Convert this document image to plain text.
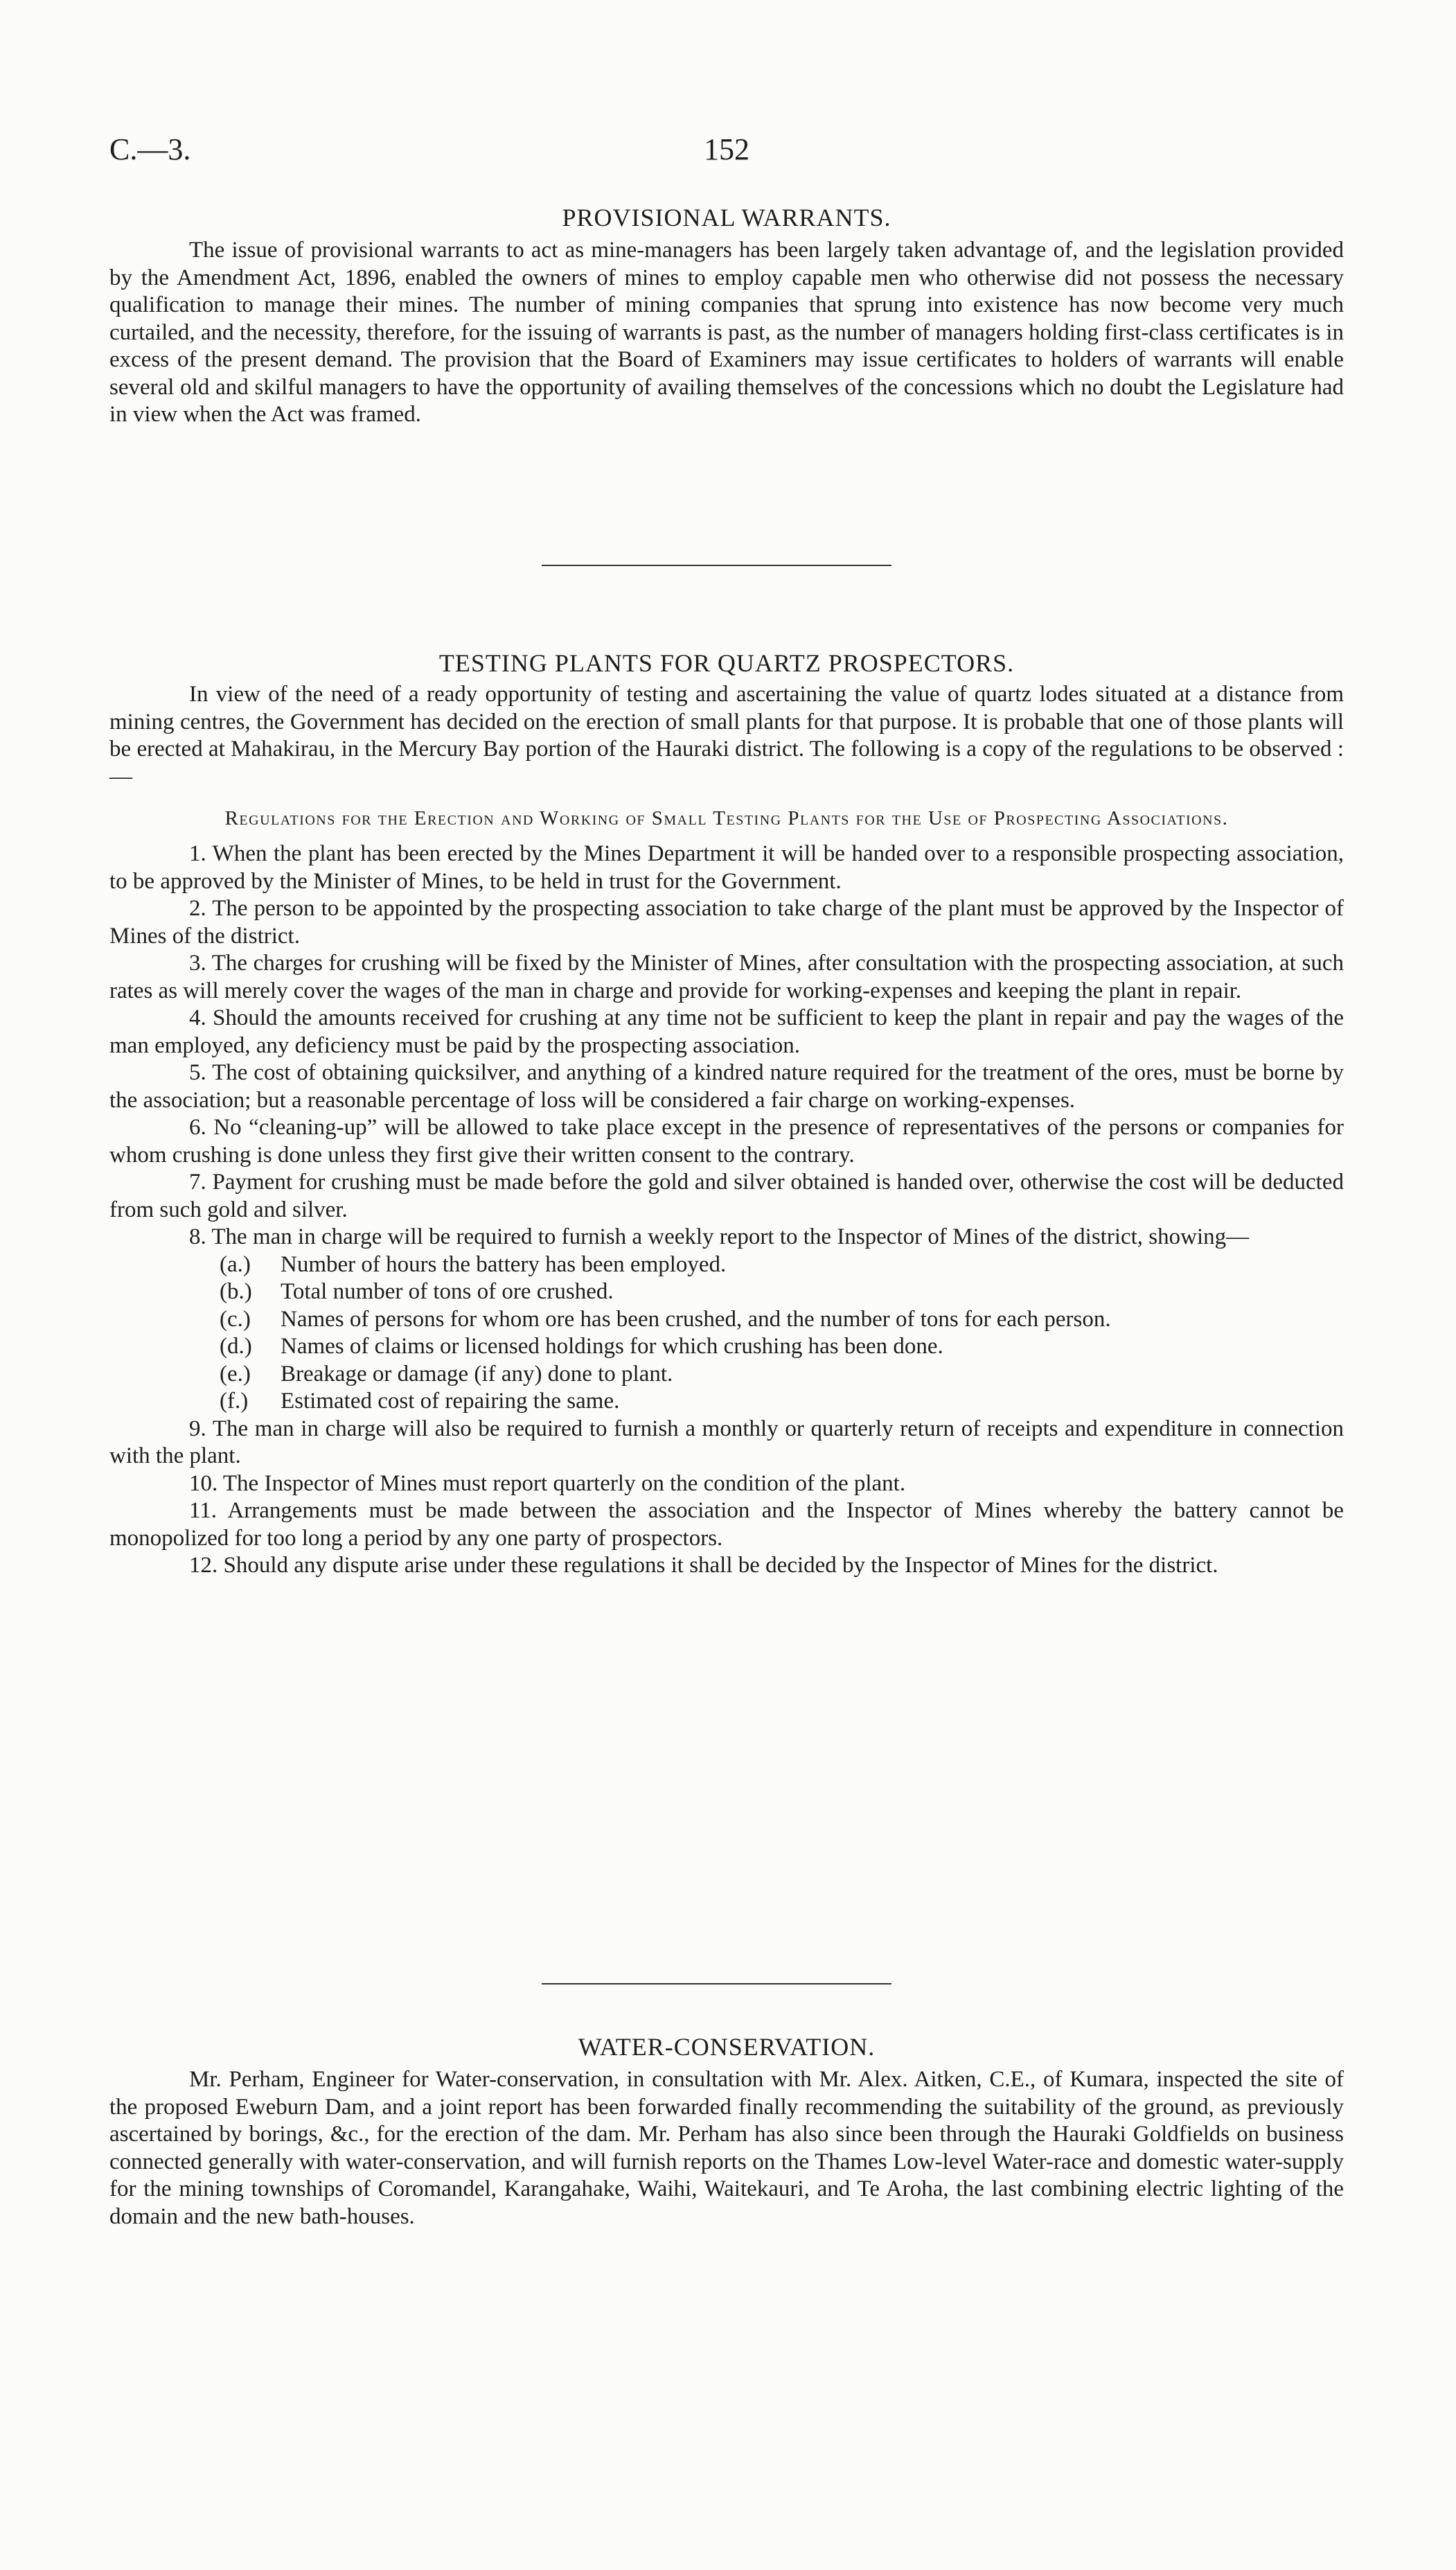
C.—3.	152
PROVISIONAL WARRANTS.

The issue of provisional warrants to act as mine-managers has been largely taken advantage of, and the legislation provided by the Amendment Act, 1896, enabled the owners of mines to employ capable men who otherwise did not possess the necessary qualification to manage their mines. The number of mining companies that sprung into existence has now become very much curtailed, and the necessity, therefore, for the issuing of warrants is past, as the number of managers holding first-class certificates is in excess of the present demand. The provision that the Board of Examiners may issue certificates to holders of warrants will enable several old and skilful managers to have the opportunity of availing themselves of the concessions which no doubt the Legislature had in view when the Act was framed.

TESTING PLANTS FOR QUARTZ PROSPECTORS.

In view of the need of a ready opportunity of testing and ascertaining the value of quartz lodes situated at a distance from mining centres, the Government has decided on the erection of small plants for that purpose. It is probable that one of those plants will be erected at Mahakirau, in the Mercury Bay portion of the Hauraki district. The following is a copy of the regulations to be observed :—

Regulations for the Erection and Working of Small Testing Plants for the Use of Prospecting Associations.

1. When the plant has been erected by the Mines Department it will be handed over to a responsible prospecting association, to be approved by the Minister of Mines, to be held in trust for the Government.

2. The person to be appointed by the prospecting association to take charge of the plant must be approved by the Inspector of Mines of the district.

3. The charges for crushing will be fixed by the Minister of Mines, after consultation with the prospecting association, at such rates as will merely cover the wages of the man in charge and provide for working-expenses and keeping the plant in repair.

4. Should the amounts received for crushing at any time not be sufficient to keep the plant in repair and pay the wages of the man employed, any deficiency must be paid by the prospecting association.

5. The cost of obtaining quicksilver, and anything of a kindred nature required for the treatment of the ores, must be borne by the association; but a reasonable percentage of loss will be considered a fair charge on working-expenses.

6. No “cleaning-up” will be allowed to take place except in the presence of representatives of the persons or companies for whom crushing is done unless they first give their written consent to the contrary.

7. Payment for crushing must be made before the gold and silver obtained is handed over, otherwise the cost will be deducted from such gold and silver.

8. The man in charge will be required to furnish a weekly report to the Inspector of Mines of the district, showing—

(a.) Number of hours the battery has been employed.
(b.) Total number of tons of ore crushed.
(c.) Names of persons for whom ore has been crushed, and the number of tons for each person.
(d.) Names of claims or licensed holdings for which crushing has been done.
(e.) Breakage or damage (if any) done to plant.
(f.) Estimated cost of repairing the same.

9. The man in charge will also be required to furnish a monthly or quarterly return of receipts and expenditure in connection with the plant.

10. The Inspector of Mines must report quarterly on the condition of the plant.

11. Arrangements must be made between the association and the Inspector of Mines whereby the battery cannot be monopolized for too long a period by any one party of prospectors.

12. Should any dispute arise under these regulations it shall be decided by the Inspector of Mines for the district.

WATER-CONSERVATION.

Mr. Perham, Engineer for Water-conservation, in consultation with Mr. Alex. Aitken, C.E., of Kumara, inspected the site of the proposed Eweburn Dam, and a joint report has been forwarded finally recommending the suitability of the ground, as previously ascertained by borings, &c., for the erection of the dam. Mr. Perham has also since been through the Hauraki Goldfields on business connected generally with water-conservation, and will furnish reports on the Thames Low-level Water-race and domestic water-supply for the mining townships of Coromandel, Karangahake, Waihi, Waitekauri, and Te Aroha, the last combining electric lighting of the domain and the new bath-houses.
